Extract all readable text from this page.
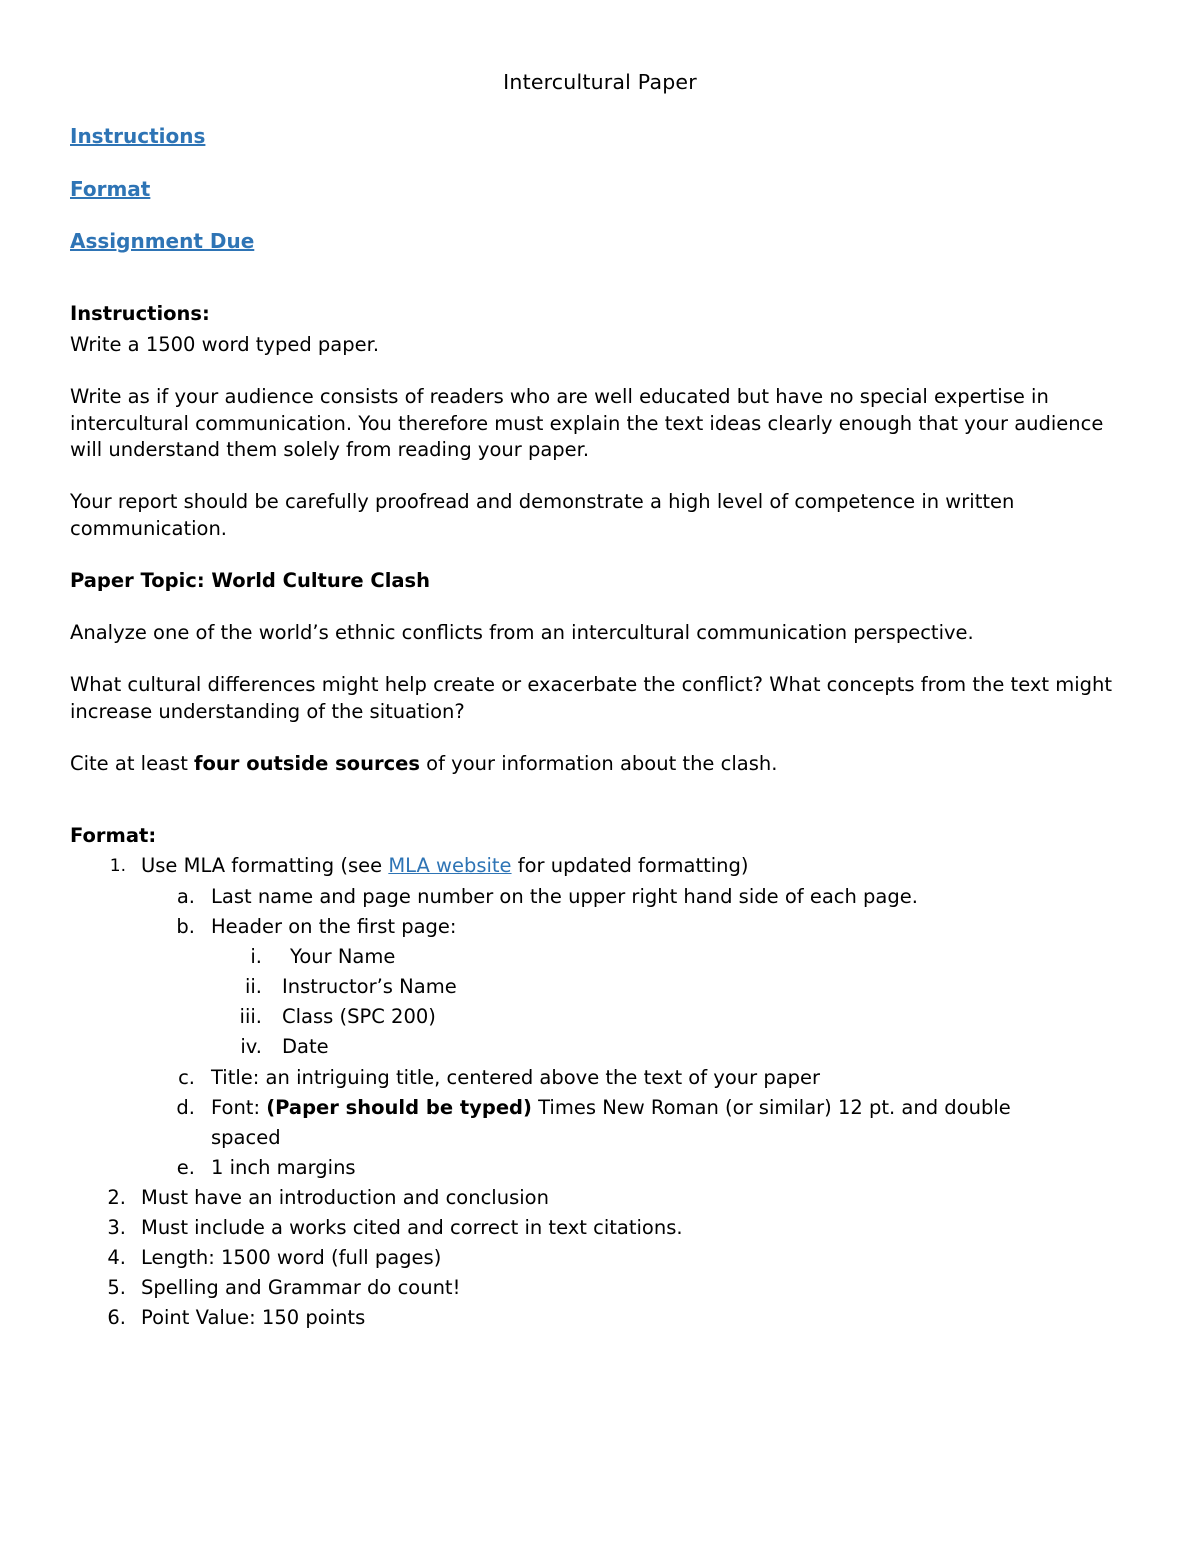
Intercultural Paper
Instructions
Format
Assignment Due
Instructions:
Write a 1500 word typed paper.
Write as if your audience consists of readers who are well educated but have no special expertise in intercultural communication. You therefore must explain the text ideas clearly enough that your audience will understand them solely from reading your paper.
Your report should be carefully proofread and demonstrate a high level of competence in written communication.
Paper Topic: World Culture Clash
Analyze one of the world’s ethnic conflicts from an intercultural communication perspective.
What cultural differences might help create or exacerbate the conflict? What concepts from the text might increase understanding of the situation?
Cite at least four outside sources of your information about the clash.
Format:
1. Use MLA formatting (see MLA website for updated formatting)
a. Last name and page number on the upper right hand side of each page.
b. Header on the first page:
i. Your Name
ii. Instructor’s Name
iii. Class (SPC 200)
iv. Date
c. Title: an intriguing title, centered above the text of your paper
d. Font: (Paper should be typed) Times New Roman (or similar) 12 pt. and double
spaced
e. 1 inch margins
2. Must have an introduction and conclusion
3. Must include a works cited and correct in text citations.
4. Length: 1500 word (full pages)
5. Spelling and Grammar do count!
6. Point Value: 150 points
